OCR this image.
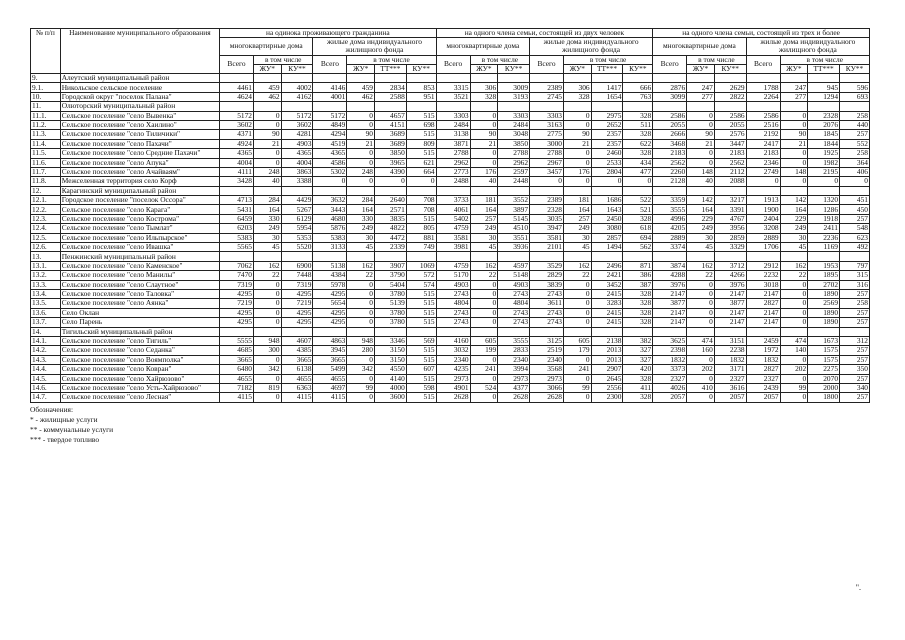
№ п/п	Наименование муниципального образования	на одинока проживающего гражданина							на одного члена семьи, состоящей из двух человек							на одного члена семьи, состоящей из трех и более						
		многоквартирные дома			жилые дома индивидуального жилищного фонда				многоквартирные дома			жилые дома индивидуального жилищного фонда				многоквартирные дома			жилые дома индивидуального жилищного фонда			
		Всего	в том числе		Всего	в том числе			Всего	в том числе		Всего	в том числе			Всего	в том числе		Всего	в том числе		
			ЖУ*	КУ**		ЖУ*	ТТ***	КУ**		ЖУ*	КУ**		ЖУ*	ТТ***	КУ**		ЖУ*	КУ**		ЖУ*	ТТ***	КУ**
9.	Алеутский муниципальный район																					
9.1.	Никольское сельское поселение	4461	459	4002	4146	459	2834	853	3315	306	3009	2389	306	1417	666	2876	247	2629	1788	247	945	596
10.	Городской округ "поселок Палана"	4624	462	4162	4001	462	2588	951	3521	328	3193	2745	328	1654	763	3099	277	2822	2264	277	1294	693
11.	Олюторский муниципальный район																					
11.1.	Сельское поселение "село Вывенка"	5172	0	5172	5172	0	4657	515	3303	0	3303	3303	0	2975	328	2586	0	2586	2586	0	2328	258
11.2.	Сельское поселение "село Хаилино"	3602	0	3602	4849	0	4151	698	2484	0	2484	3163	0	2652	511	2055	0	2055	2516	0	2076	440
11.3.	Сельское поселение "село Тиличики"	4371	90	4281	4294	90	3689	515	3138	90	3048	2775	90	2357	328	2666	90	2576	2192	90	1845	257
11.4.	Сельское поселение "село Пахачи"	4924	21	4903	4519	21	3689	809	3871	21	3850	3000	21	2357	622	3468	21	3447	2417	21	1844	552
11.5.	Сельское поселение "село Средние Пахачи"	4365	0	4365	4365	0	3850	515	2788	0	2788	2788	0	2460	328	2183	0	2183	2183	0	1925	258
11.6.	Сельское поселение "село Апука"	4004	0	4004	4586	0	3965	621	2962	0	2962	2967	0	2533	434	2562	0	2562	2346	0	1982	364
11.7.	Сельское поселение "село Ачайваям"	4111	248	3863	5302	248	4390	664	2773	176	2597	3457	176	2804	477	2260	148	2112	2749	148	2195	406
11.8.	Межселенная территория село Корф	3428	40	3388	0	0	0	0	2488	40	2448	0	0	0	0	2128	40	2088	0	0	0	0
12.	Карагинский муниципальный район																					
12.1.	Городское поселение "поселок Оссора"	4713	284	4429	3632	284	2640	708	3733	181	3552	2389	181	1686	522	3359	142	3217	1913	142	1320	451
12.2.	Сельское поселение "село Карага"	5431	164	5267	3443	164	2571	708	4061	164	3897	2328	164	1643	521	3555	164	3391	1900	164	1286	450
12.3.	Сельское поселение "село Кострома"	6459	330	6129	4680	330	3835	515	5402	257	5145	3035	257	2450	328	4996	229	4767	2404	229	1918	257
12.4.	Сельское поселение "село Тымлат"	6203	249	5954	5876	249	4822	805	4759	249	4510	3947	249	3080	618	4205	249	3956	3208	249	2411	548
12.5.	Сельское поселение "село Ильпырское"	5383	30	5353	5383	30	4472	881	3581	30	3551	3581	30	2857	694	2889	30	2859	2889	30	2236	623
12.6.	Сельское поселение "село Ивашка"	5565	45	5520	3133	45	2339	749	3981	45	3936	2101	45	1494	562	3374	45	3329	1706	45	1169	492
13.	Пенжинский муниципальный район																					
13.1.	Сельское поселение "село Каменское"	7062	162	6900	5138	162	3907	1069	4759	162	4597	3529	162	2496	871	3874	162	3712	2912	162	1953	797
13.2.	Сельское поселение "село Манилы"	7470	22	7448	4384	22	3790	572	5170	22	5148	2829	22	2421	386	4288	22	4266	2232	22	1895	315
13.3.	Сельское поселение "село Слаутное"	7319	0	7319	5978	0	5404	574	4903	0	4903	3839	0	3452	387	3976	0	3976	3018	0	2702	316
13.4.	Сельское поселение "село Таловка"	4295	0	4295	4295	0	3780	515	2743	0	2743	2743	0	2415	328	2147	0	2147	2147	0	1890	257
13.5.	Сельское поселение "село Аянка"	7219	0	7219	5654	0	5139	515	4804	0	4804	3611	0	3283	328	3877	0	3877	2827	0	2569	258
13.6.	Село Оклан	4295	0	4295	4295	0	3780	515	2743	0	2743	2743	0	2415	328	2147	0	2147	2147	0	1890	257
13.7.	Село Парень	4295	0	4295	4295	0	3780	515	2743	0	2743	2743	0	2415	328	2147	0	2147	2147	0	1890	257
14.	Тигильский муниципальный район																					
14.1.	Сельское поселение "село Тигиль"	5555	948	4607	4863	948	3346	569	4160	605	3555	3125	605	2138	382	3625	474	3151	2459	474	1673	312
14.2.	Сельское поселение "село Седанка"	4685	300	4385	3945	280	3150	515	3032	199	2833	2519	179	2013	327	2398	160	2238	1972	140	1575	257
14.3.	Сельское поселение "село Воямполка"	3665	0	3665	3665	0	3150	515	2340	0	2340	2340	0	2013	327	1832	0	1832	1832	0	1575	257
14.4.	Сельское поселение "село Ковран"	6480	342	6138	5499	342	4550	607	4235	241	3994	3568	241	2907	420	3373	202	3171	2827	202	2275	350
14.5.	Сельское поселение "село Хайрюзово"	4655	0	4655	4655	0	4140	515	2973	0	2973	2973	0	2645	328	2327	0	2327	2327	0	2070	257
14.6.	Сельское поселение "село Усть-Хайрюзово"	7182	819	6363	4697	99	4000	598	4901	524	4377	3066	99	2556	411	4026	410	3616	2439	99	2000	340
14.7.	Сельское поселение "село Лесная"	4115	0	4115	4115	0	3600	515	2628	0	2628	2628	0	2300	328	2057	0	2057	2057	0	1800	257
Обозначения:
* - жилищные услуги
** - коммунальные услуги
*** - твердое топливо
".
